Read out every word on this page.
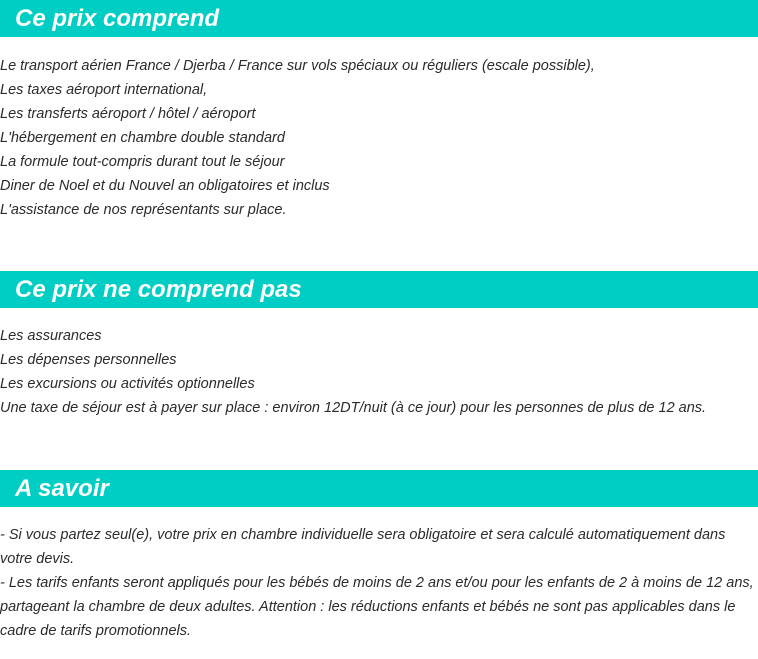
Ce prix comprend
Le transport aérien France / Djerba / France sur vols spéciaux ou réguliers (escale possible),
Les taxes aéroport international,
Les transferts aéroport / hôtel / aéroport
L'hébergement en chambre double standard
La formule tout-compris durant tout le séjour
Diner de Noel et du Nouvel an obligatoires et inclus
L'assistance de nos représentants sur place.
Ce prix ne comprend pas
Les assurances
Les dépenses personnelles
Les excursions ou activités optionnelles
Une taxe de séjour est à payer sur place : environ 12DT/nuit (à ce jour) pour les personnes de plus de 12 ans.
A savoir

- Si vous partez seul(e), votre prix en chambre individuelle sera obligatoire et sera calculé automatiquement dans votre devis.

- Les tarifs enfants seront appliqués pour les bébés de moins de 2 ans et/ou pour les enfants de 2 à moins de 12 ans, partageant la chambre de deux adultes. Attention : les réductions enfants et bébés ne sont pas applicables dans le cadre de tarifs promotionnels.
